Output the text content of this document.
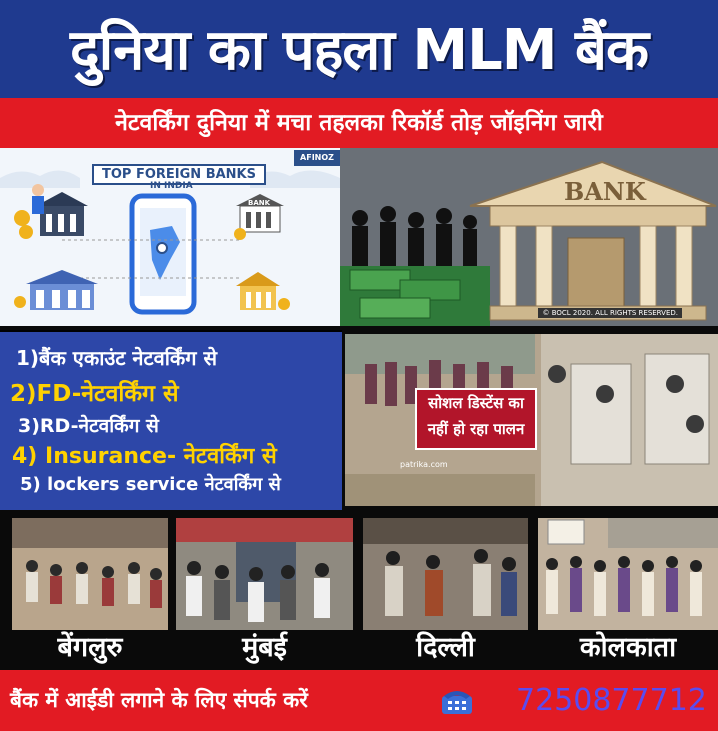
दुनिया का पहला MLM बैंक
नेटवर्किंग दुनिया में मचा तहलका रिकॉर्ड तोड़ जॉइनिंग जारी
BANK
TOP FOREIGN BANKS
IN INDIA
AFINOZ
BANK
© BOCL 2020. ALL RIGHTS RESERVED.
1)बैंक एकाउंट नेटवर्किंग से
2)FD-नेटवर्किंग से
3)RD-नेटवर्किंग से
4) Insurance- नेटवर्किंग से
5) lockers service नेटवर्किंग से
सोशल डिस्टेंस का
नहीं हो रहा पालन
patrika.com
बेंगलुरु	मुंबई	दिल्ली	कोलकाता
बैंक में आईडी लगाने के लिए संपर्क करें	7250877712
